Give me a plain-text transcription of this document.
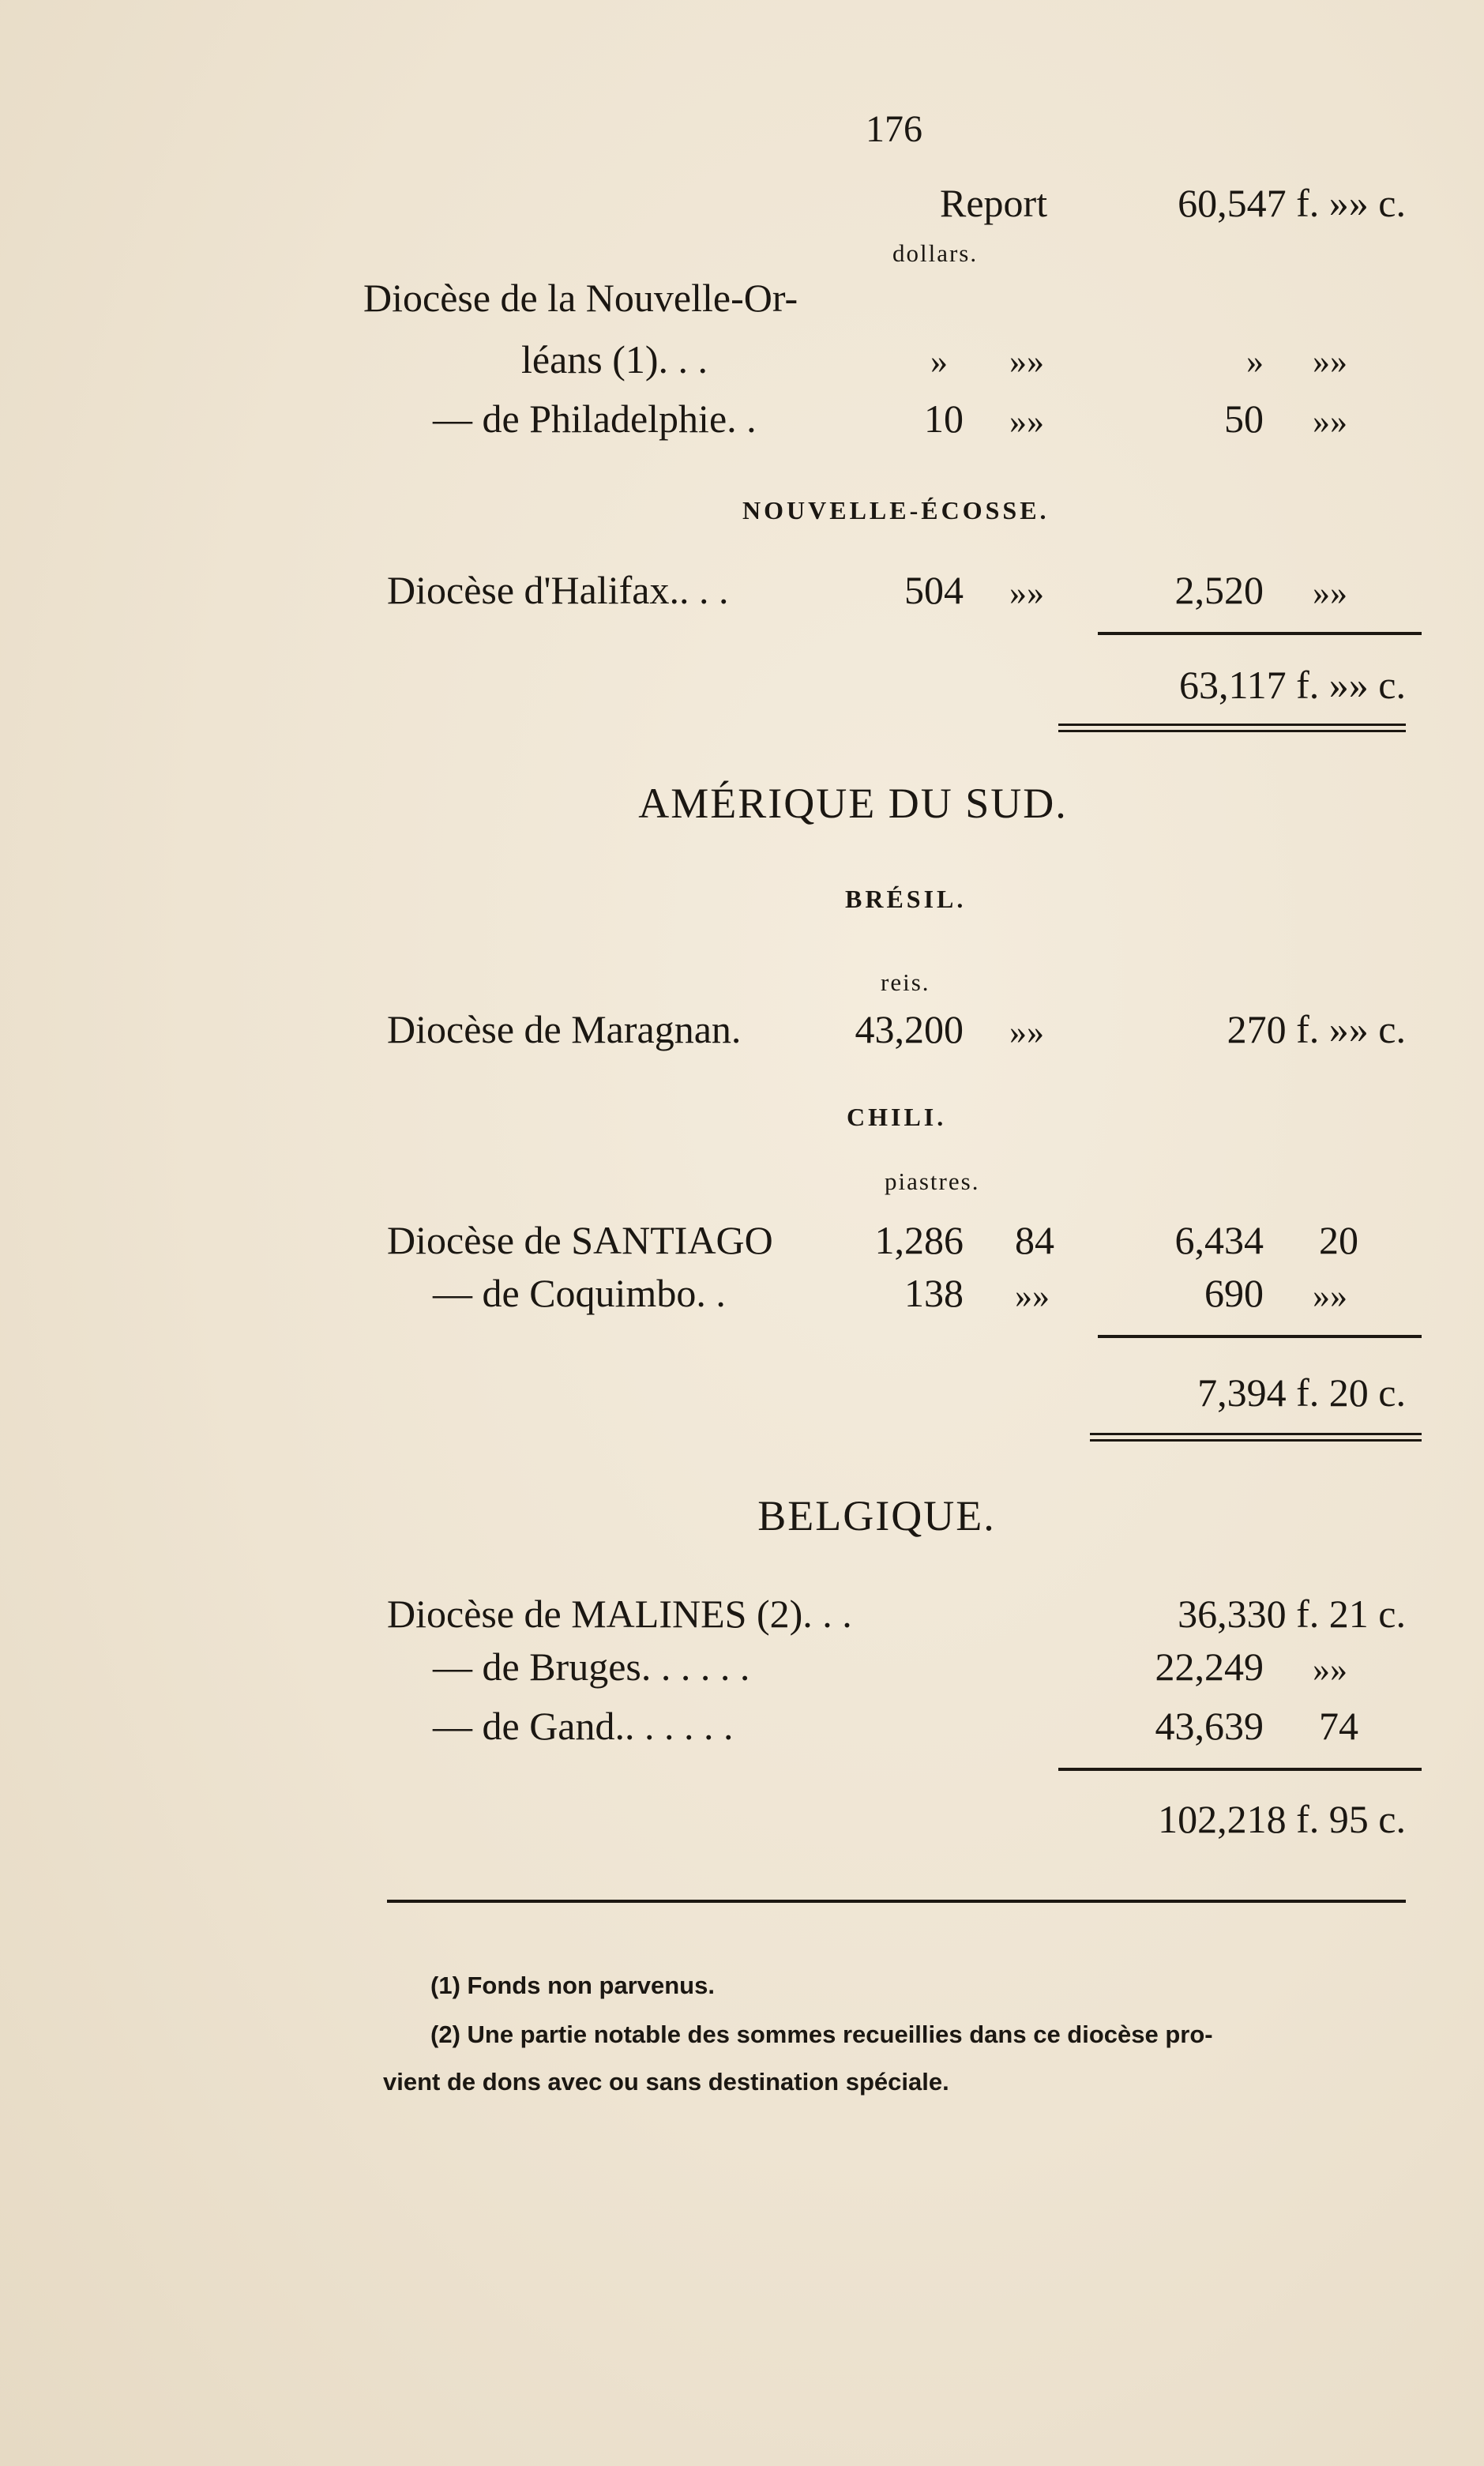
176
Report	60,547 f. »» c.
dollars.
Diocèse de la Nouvelle-Or-
léans (1). . .	» »»	» »»
— de Philadelphie. .	10 »»	50 »»
NOUVELLE-ÉCOSSE.
Diocèse d'Halifax.. . .	504 »»	2,520 »»
63,117 f. »» c.
AMÉRIQUE DU SUD.
BRÉSIL.
reis.
Diocèse de Maragnan.	43,200 »»	270 f. »» c.
CHILI.
piastres.
Diocèse de SANTIAGO	1,286 84	6,434 20
— de Coquimbo. .	138 »»	690 »»
7,394 f. 20 c.
BELGIQUE.
Diocèse de MALINES (2). . .	36,330 f. 21 c.
— de Bruges. . . . . .	22,249 »»
— de Gand.. . . . . .	43,639 74
102,218 f. 95 c.
(1) Fonds non parvenus.
(2) Une partie notable des sommes recueillies dans ce diocèse pro-
vient de dons avec ou sans destination spéciale.
